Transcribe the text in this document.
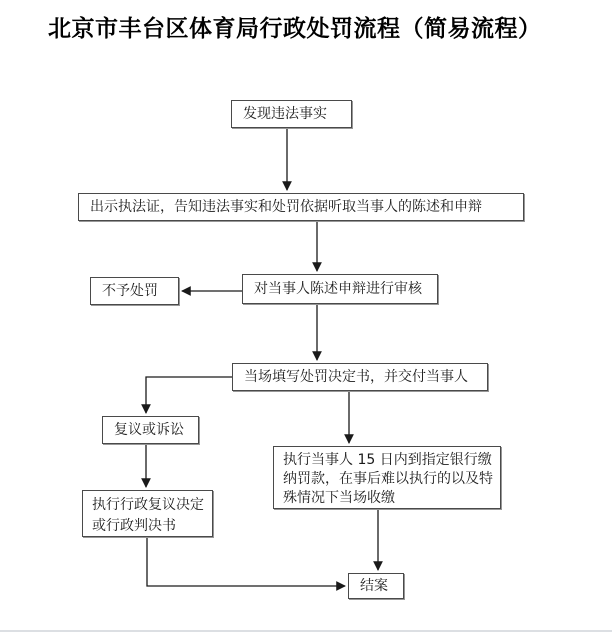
北京市丰台区体育局行政处罚流程（简易流程）
发现违法事实
出示执法证，告知违法事实和处罚依据听取当事人的陈述和申辩
不予处罚	对当事人陈述申辩进行审核
当场填写处罚决定书，并交付当事人
复议或诉讼
执行当事人 15 日内到指定银行缴纳罚款，在事后难以执行的以及特殊情况下当场收缴
执行行政复议决定或行政判决书
结案
